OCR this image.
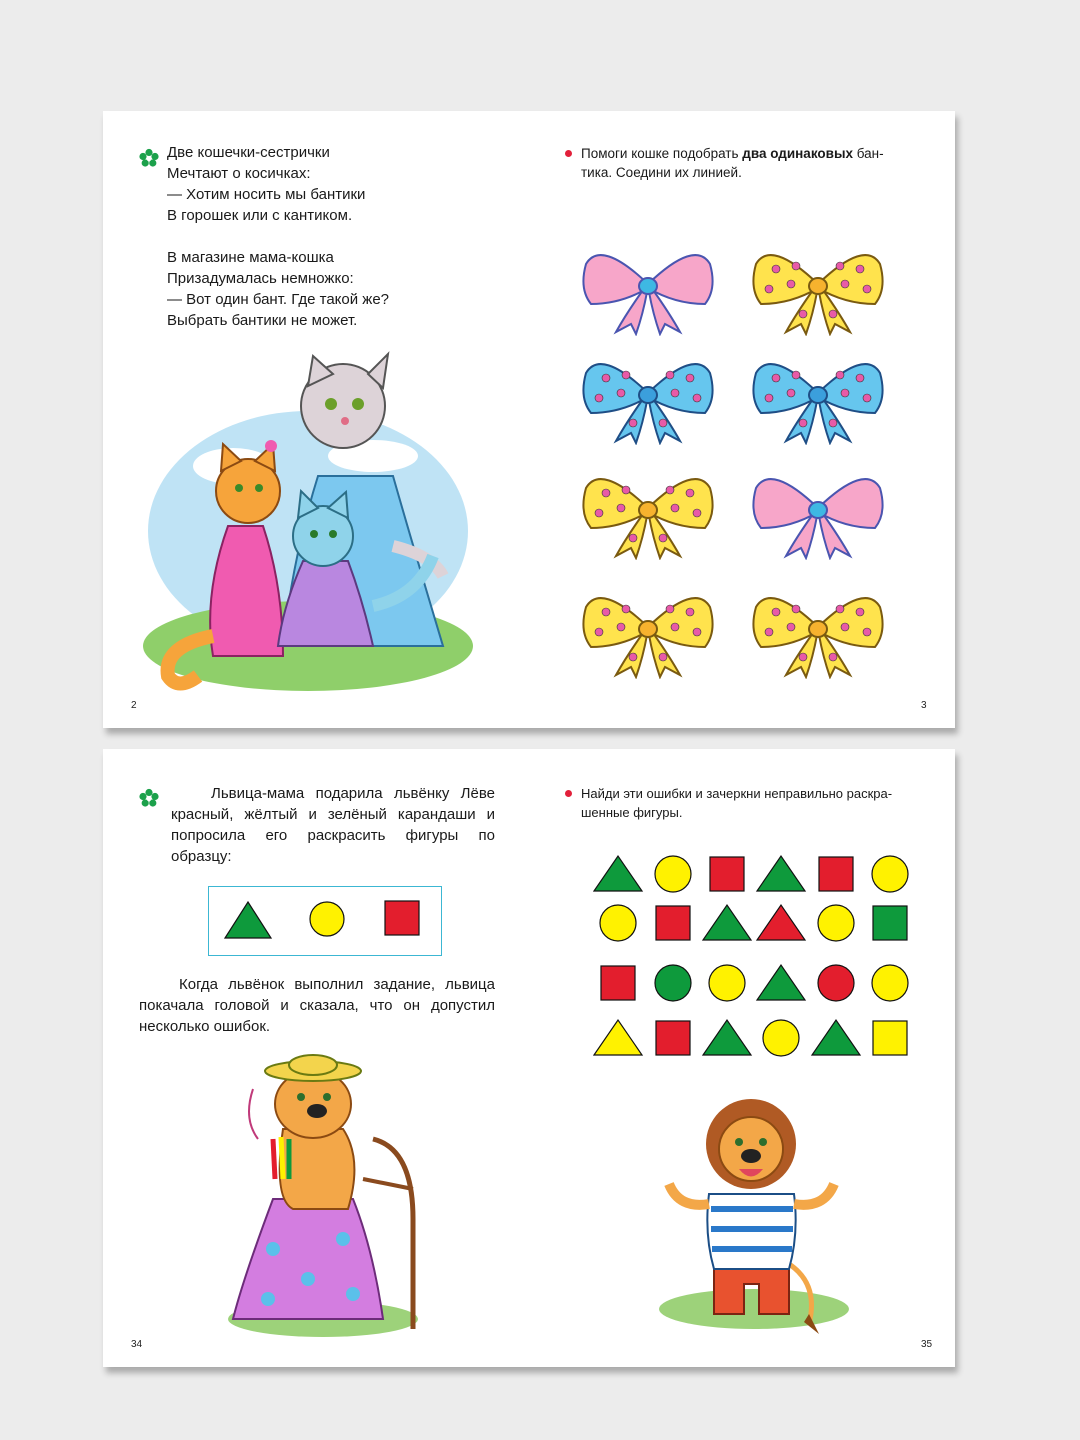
Две кошечки-сестрички
Мечтают о косичках:
— Хотим носить мы бантики
В горошек или с кантиком.
В магазине мама-кошка
Призадумалась немножко:
— Вот один бант. Где такой же?
Выбрать бантики не может.
2
Помоги кошке подобрать два одинаковых бан-
тика. Соедини их линией.
3
Львица-мама подарила львёнку Лёве красный, жёлтый и зелёный карандаши и попросила его раскрасить фигуры по образцу:
Когда львёнок выполнил задание, львица покачала головой и сказала, что он допустил несколько ошибок.
34
Найди эти ошибки и зачеркни неправильно раскра-
шенные фигуры.
35
